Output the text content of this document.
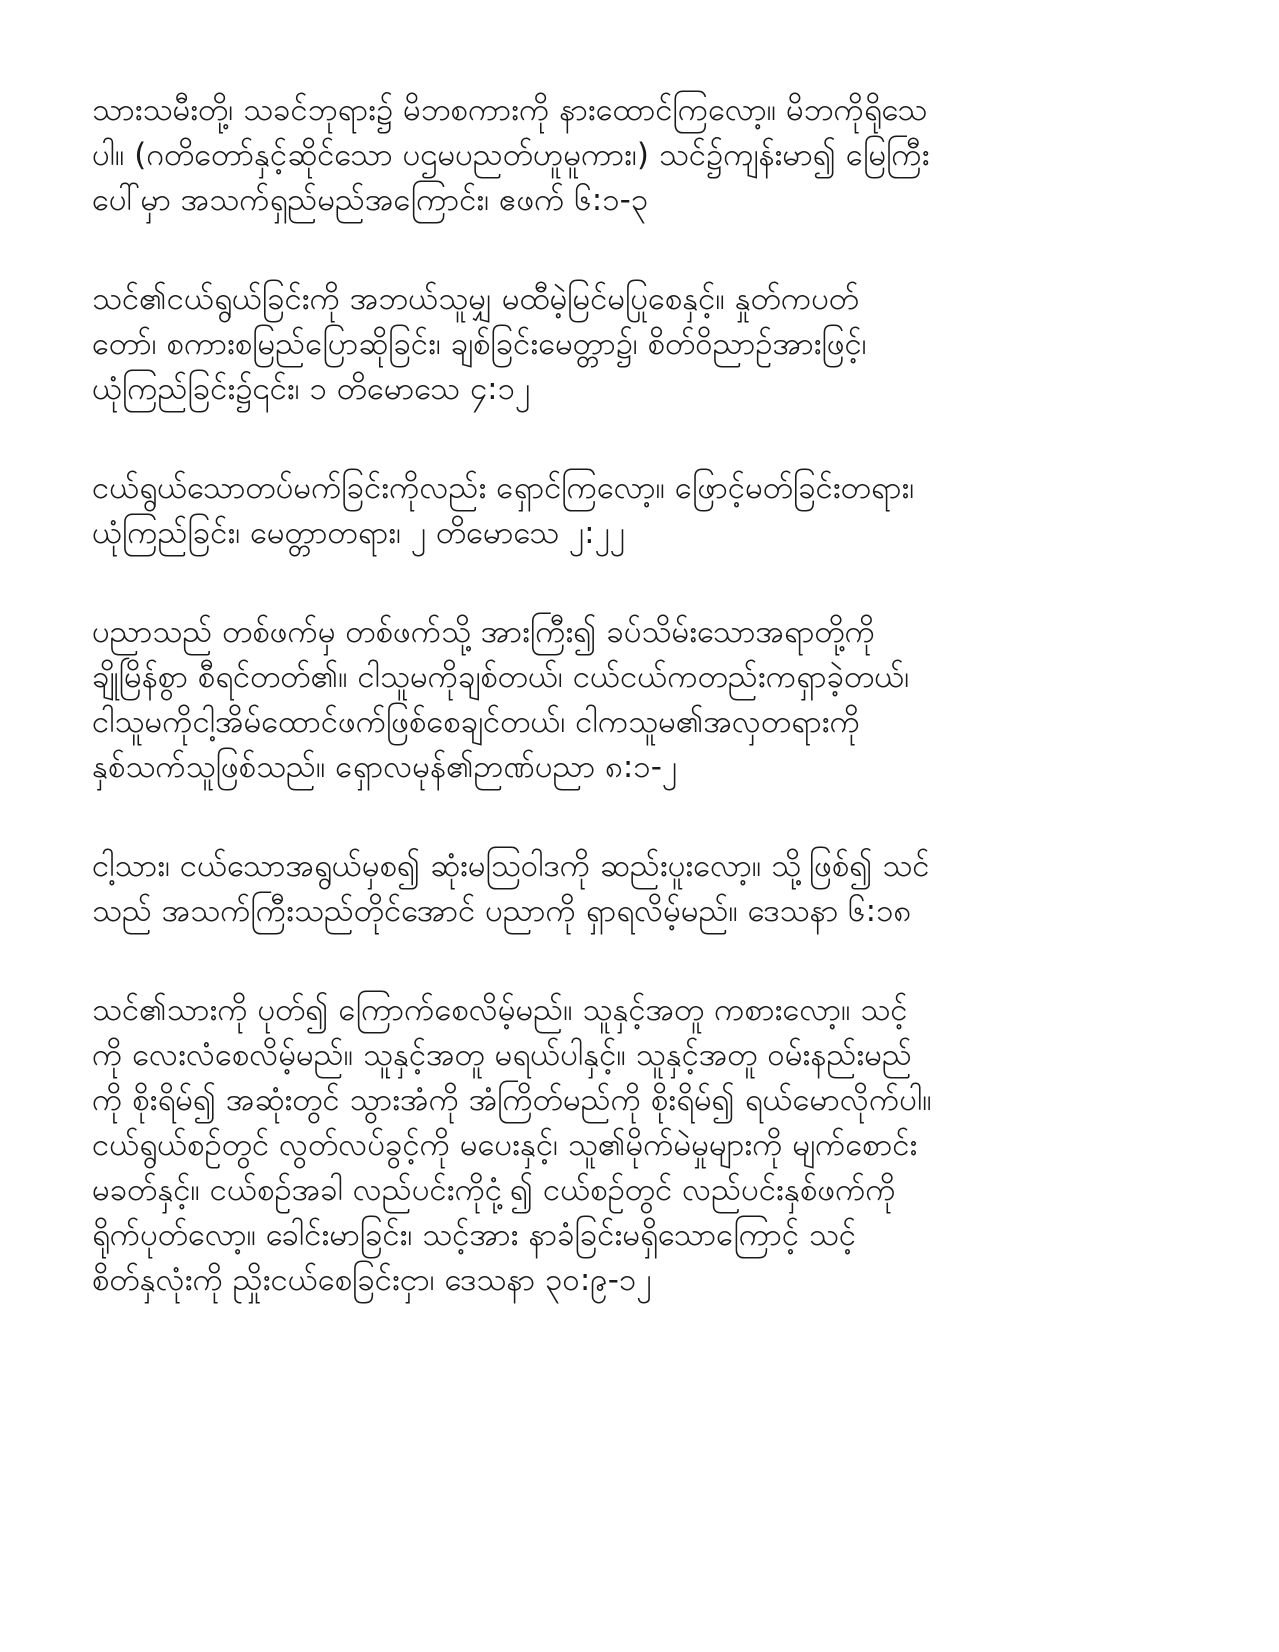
သားသမီးတို့၊ သခင်ဘုရား၌ မိဘစကားကို နားထောင်ကြလော့။ မိဘကိုရိုသေ
ပါ။ (ဂတိတော်နှင့်ဆိုင်သော ပဌမပညတ်ဟူမူကား၊) သင်၌ကျန်းမာ၍ မြေကြီး
ပေါ်မှာ အသက်ရှည်မည်အကြောင်း၊ ဧဖက် ၆:၁-၃

သင်၏ငယ်ရွယ်ခြင်းကို အဘယ်သူမျှ မထီမဲ့မြင်မပြုစေနှင့်။ နှုတ်ကပတ်
တော်၊ စကားစမြည်ပြောဆိုခြင်း၊ ချစ်ခြင်းမေတ္တာ၌၊ စိတ်ဝိညာဉ်အားဖြင့်၊
ယုံကြည်ခြင်း၌၎င်း၊ ၁ တိမောသေ ၄:၁၂

ငယ်ရွယ်သောတပ်မက်ခြင်းကိုလည်း ရှောင်ကြလော့။ ဖြောင့်မတ်ခြင်းတရား၊
ယုံကြည်ခြင်း၊ မေတ္တာတရား၊ ၂ တိမောသေ ၂:၂၂

ပညာသည် တစ်ဖက်မှ တစ်ဖက်သို့ အားကြီး၍ ခပ်သိမ်းသောအရာတို့ကို
ချိုမြိန်စွာ စီရင်တတ်၏။ ငါသူမကိုချစ်တယ်၊ ငယ်ငယ်ကတည်းကရှာခဲ့တယ်၊
ငါသူမကိုငါ့အိမ်ထောင်ဖက်ဖြစ်စေချင်တယ်၊ ငါကသူမ၏အလှတရားကို
နှစ်သက်သူဖြစ်သည်။ ရှောလမုန်၏ဉာဏ်ပညာ ၈:၁-၂

ငါ့သား၊ ငယ်သောအရွယ်မှစ၍ ဆုံးမဩဝါဒကို ဆည်းပူးလော့။ သို့ဖြစ်၍ သင်
သည် အသက်ကြီးသည်တိုင်အောင် ပညာကို ရှာရလိမ့်မည်။ ဒေသနာ ၆:၁၈

သင်၏သားကို ပုတ်၍ ကြောက်စေလိမ့်မည်။ သူနှင့်အတူ ကစားလော့။ သင့်
ကို လေးလံစေလိမ့်မည်။ သူနှင့်အတူ မရယ်ပါနှင့်။ သူနှင့်အတူ ဝမ်းနည်းမည်
ကို စိုးရိမ်၍ အဆုံးတွင် သွားအံကို အံကြိတ်မည်ကို စိုးရိမ်၍ ရယ်မောလိုက်ပါ။
ငယ်ရွယ်စဉ်တွင် လွတ်လပ်ခွင့်ကို မပေးနှင့်၊ သူ၏မိုက်မဲမှုများကို မျက်စောင်း
မခတ်နှင့်။ ငယ်စဉ်အခါ လည်ပင်းကိုငုံ့၍ ငယ်စဉ်တွင် လည်ပင်းနှစ်ဖက်ကို
ရိုက်ပုတ်လော့။ ခေါင်းမာခြင်း၊ သင့်အား နာခံခြင်းမရှိသောကြောင့် သင့်
စိတ်နှလုံးကို ညှိုးငယ်စေခြင်းငှာ၊ ဒေသနာ ၃၀:၉-၁၂
